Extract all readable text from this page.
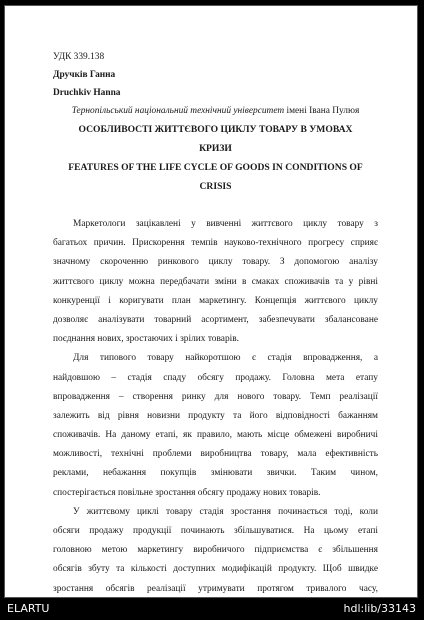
УДК 339.138
Дручків Ганна
Druchkiv Hanna
Тернопільський національний технічний університет імені Івана Пулюя
ОСОБЛИВОСТІ ЖИТТЄВОГО ЦИКЛУ ТОВАРУ В УМОВАХ
КРИЗИ
FEATURES OF THE LIFE CYCLE OF GOODS IN CONDITIONS OF
CRISIS
Маркетологи зацікавлені у вивченні життєвого циклу товару з
багатьох причин. Прискорення темпів науково-технічного прогресу сприяє
значному скороченню ринкового циклу товару. З допомогою аналізу
життєвого циклу можна передбачати зміни в смаках споживачів та у рівні
конкуренції і коригувати план маркетингу. Концепція життєвого циклу
дозволяє аналізувати товарний асортимент, забезпечувати збалансоване
поєднання нових, зростаючих і зрілих товарів.
Для типового товару найкоротшою є стадія впровадження, а
найдовшою – стадія спаду обсягу продажу. Головна мета етапу
впровадження – створення ринку для нового товару. Темп реалізації
залежить від рівня новизни продукту та його відповідності бажанням
споживачів. На даному етапі, як правило, мають місце обмежені виробничі
можливості, технічні проблеми виробництва товару, мала ефективність
реклами, небажання покупців змінювати звички. Таким чином,
спостерігається повільне зростання обсягу продажу нових товарів.
У життєвому циклі товару стадія зростання починається тоді, коли
обсяги продажу продукції починають збільшуватися. На цьому етапі
головною метою маркетингу виробничого підприємства є збільшення
обсягів збуту та кількості доступних модифікацій продукту. Щоб швидке
зростання обсягів реалізації утримувати протягом тривалого часу,
ELARTU	hdl:lib/33143
